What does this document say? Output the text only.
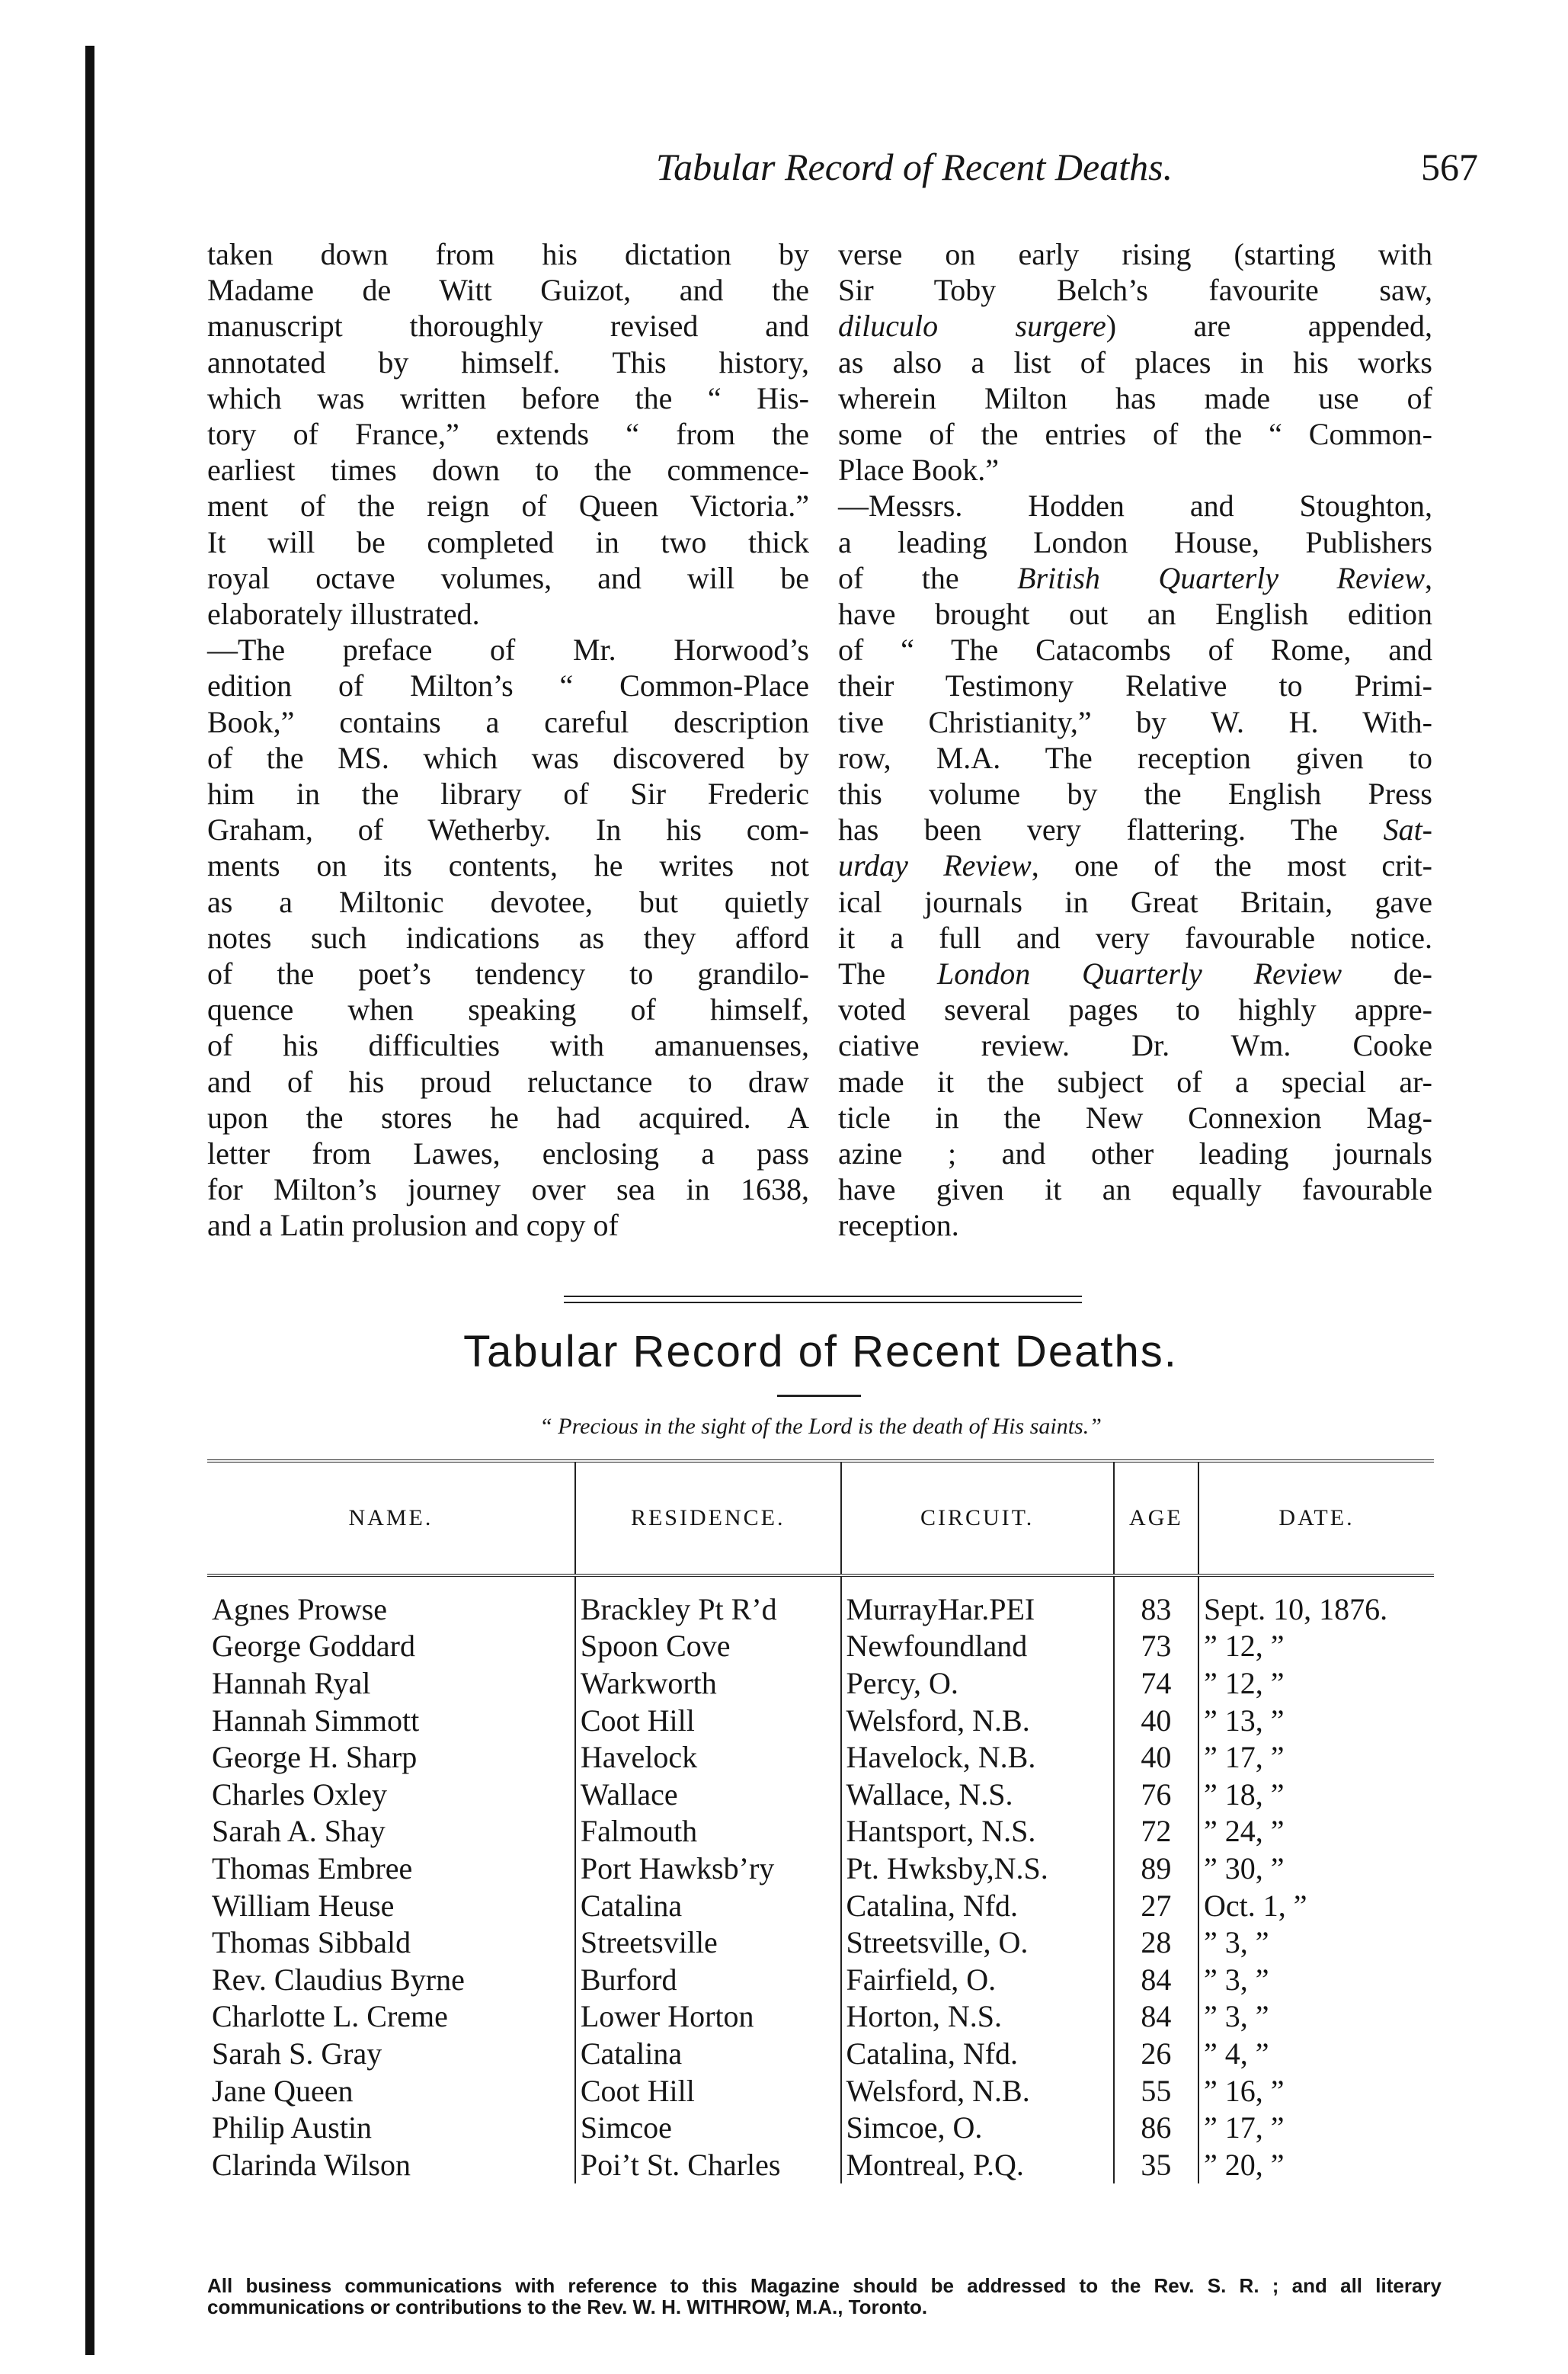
Tabular Record of Recent Deaths.	567
taken down from his dictation by
Madame de Witt Guizot, and the
manuscript thoroughly revised and
annotated by himself. This history,
which was written before the “ His-
tory of France,” extends “ from the
earliest times down to the commence-
ment of the reign of Queen Victoria.”
It will be completed in two thick
royal octave volumes, and will be
elaborately illustrated.
—The preface of Mr. Horwood’s
edition of Milton’s “ Common-Place
Book,” contains a careful description
of the MS. which was discovered by
him in the library of Sir Frederic
Graham, of Wetherby. In his com-
ments on its contents, he writes not
as a Miltonic devotee, but quietly
notes such indications as they afford
of the poet’s tendency to grandilo-
quence when speaking of himself,
of his difficulties with amanuenses,
and of his proud reluctance to draw
upon the stores he had acquired. A
letter from Lawes, enclosing a pass
for Milton’s journey over sea in 1638,
and a Latin prolusion and copy of
verse on early rising (starting with
Sir Toby Belch’s favourite saw,
diluculo surgere) are appended,
as also a list of places in his works
wherein Milton has made use of
some of the entries of the “ Common-
Place Book.”
—Messrs. Hodden and Stoughton,
a leading London House, Publishers
of the British Quarterly Review,
have brought out an English edition
of “ The Catacombs of Rome, and
their Testimony Relative to Primi-
tive Christianity,” by W. H. With-
row, M.A. The reception given to
this volume by the English Press
has been very flattering. The Sat-
urday Review, one of the most crit-
ical journals in Great Britain, gave
it a full and very favourable notice.
The London Quarterly Review de-
voted several pages to highly appre-
ciative review. Dr. Wm. Cooke
made it the subject of a special ar-
ticle in the New Connexion Mag-
azine ; and other leading journals
have given it an equally favourable
reception.
Tabular Record of Recent Deaths.
“ Precious in the sight of the Lord is the death of His saints.”
NAME.	RESIDENCE.	CIRCUIT.	AGE	DATE.
Agnes Prowse	Brackley Pt R’d	MurrayHar.PEI	83	Sept. 10, 1876.
George Goddard	Spoon Cove	Newfoundland	73	” 12, ”
Hannah Ryal	Warkworth	Percy, O.	74	” 12, ”
Hannah Simmott	Coot Hill	Welsford, N.B.	40	” 13, ”
George H. Sharp	Havelock	Havelock, N.B.	40	” 17, ”
Charles Oxley	Wallace	Wallace, N.S.	76	” 18, ”
Sarah A. Shay	Falmouth	Hantsport, N.S.	72	” 24, ”
Thomas Embree	Port Hawksb’ry	Pt. Hwksby,N.S.	89	” 30, ”
William Heuse	Catalina	Catalina, Nfd.	27	Oct. 1, ”
Thomas Sibbald	Streetsville	Streetsville, O.	28	” 3, ”
Rev. Claudius Byrne	Burford	Fairfield, O.	84	” 3, ”
Charlotte L. Creme	Lower Horton	Horton, N.S.	84	” 3, ”
Sarah S. Gray	Catalina	Catalina, Nfd.	26	” 4, ”
Jane Queen	Coot Hill	Welsford, N.B.	55	” 16, ”
Philip Austin	Simcoe	Simcoe, O.	86	” 17, ”
Clarinda Wilson	Poi’t St. Charles	Montreal, P.Q.	35	” 20, ”
All business communications with reference to this Magazine should be addressed to the Rev. S. R. ; and all literary communications or contributions to the Rev. W. H. WITHROW, M.A., Toronto.
